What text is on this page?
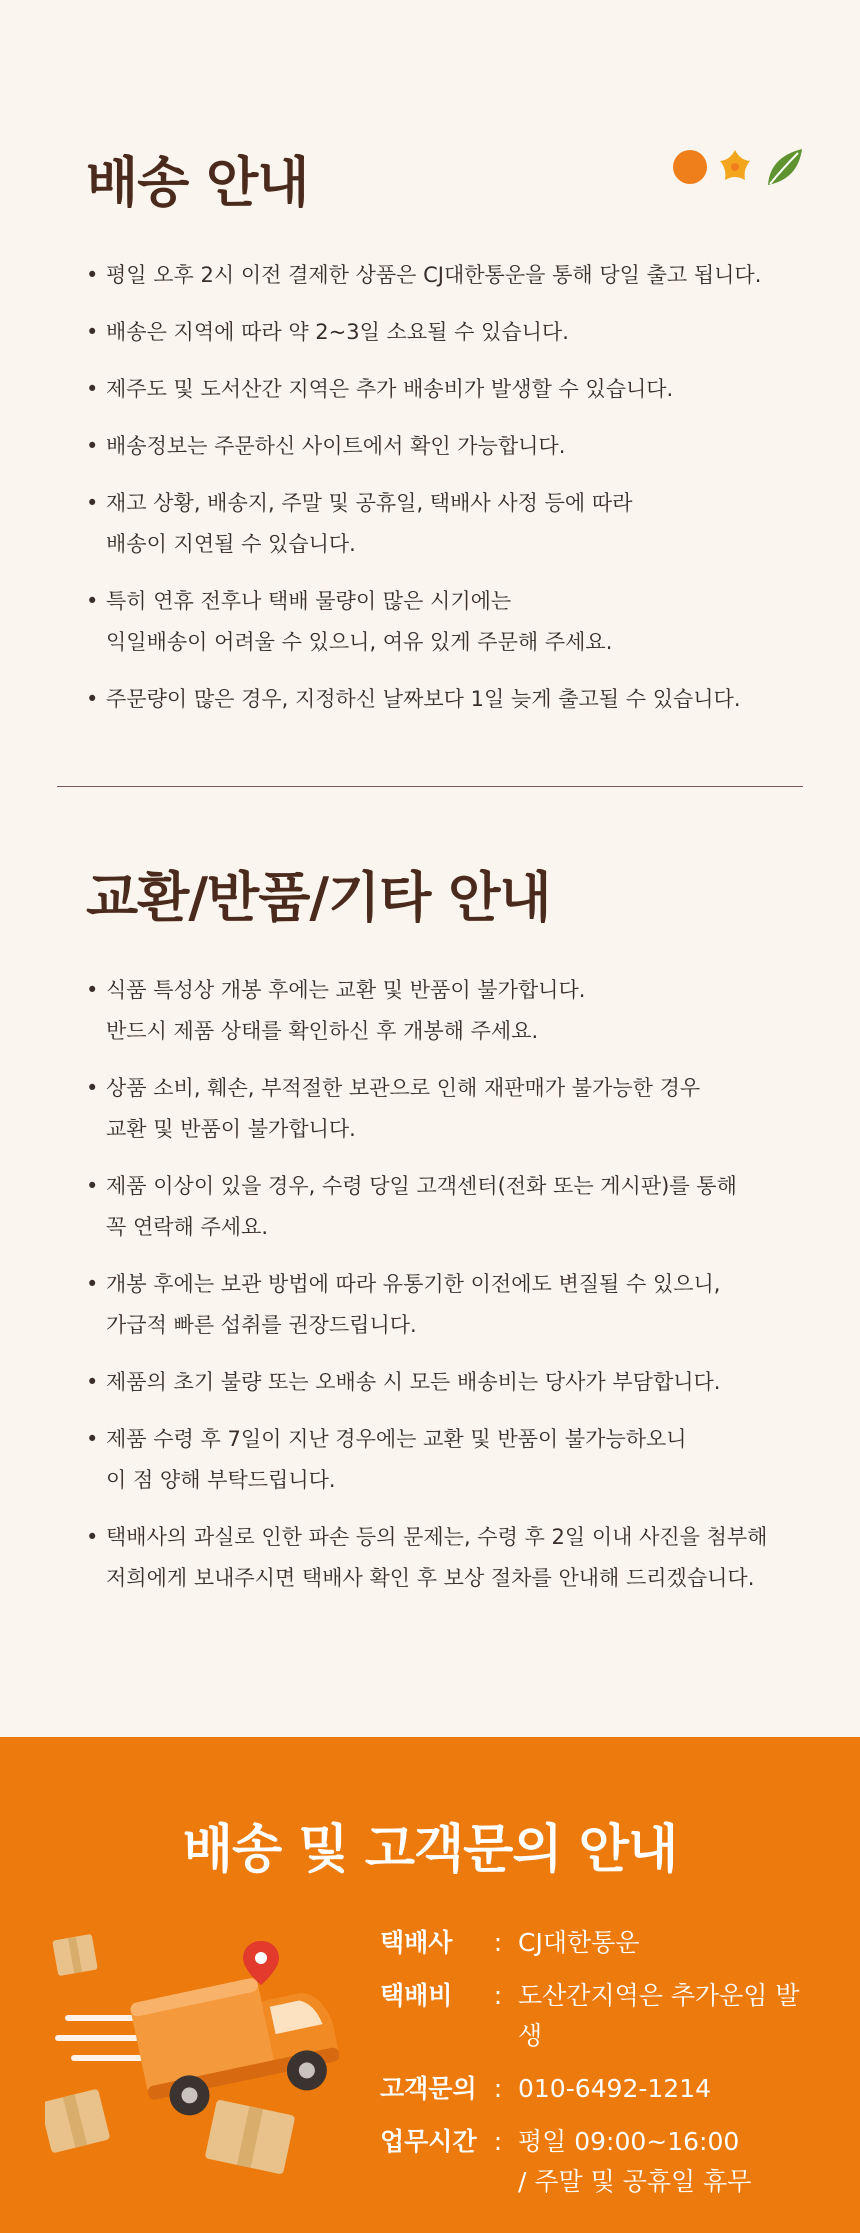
배송 안내
• 평일 오후 2시 이전 결제한 상품은 CJ대한통운을 통해 당일 출고 됩니다.
• 배송은 지역에 따라 약 2~3일 소요될 수 있습니다.
• 제주도 및 도서산간 지역은 추가 배송비가 발생할 수 있습니다.
• 배송정보는 주문하신 사이트에서 확인 가능합니다.
• 재고 상황, 배송지, 주말 및 공휴일, 택배사 사정 등에 따라
배송이 지연될 수 있습니다.
• 특히 연휴 전후나 택배 물량이 많은 시기에는
익일배송이 어려울 수 있으니, 여유 있게 주문해 주세요.
• 주문량이 많은 경우, 지정하신 날짜보다 1일 늦게 출고될 수 있습니다.
교환/반품/기타 안내
• 식품 특성상 개봉 후에는 교환 및 반품이 불가합니다.
반드시 제품 상태를 확인하신 후 개봉해 주세요.
• 상품 소비, 훼손, 부적절한 보관으로 인해 재판매가 불가능한 경우
교환 및 반품이 불가합니다.
• 제품 이상이 있을 경우, 수령 당일 고객센터(전화 또는 게시판)를 통해
꼭 연락해 주세요.
• 개봉 후에는 보관 방법에 따라 유통기한 이전에도 변질될 수 있으니,
가급적 빠른 섭취를 권장드립니다.
• 제품의 초기 불량 또는 오배송 시 모든 배송비는 당사가 부담합니다.
• 제품 수령 후 7일이 지난 경우에는 교환 및 반품이 불가능하오니
이 점 양해 부탁드립니다.
• 택배사의 과실로 인한 파손 등의 문제는, 수령 후 2일 이내 사진을 첨부해
저희에게 보내주시면 택배사 확인 후 보상 절차를 안내해 드리겠습니다.
배송 및 고객문의 안내
택배사	: CJ대한통운
택배비	: 도산간지역은 추가운임 발생
고객문의 : 010-6492-1214
업무시간 : 평일 09:00~16:00
/ 주말 및 공휴일 휴무
